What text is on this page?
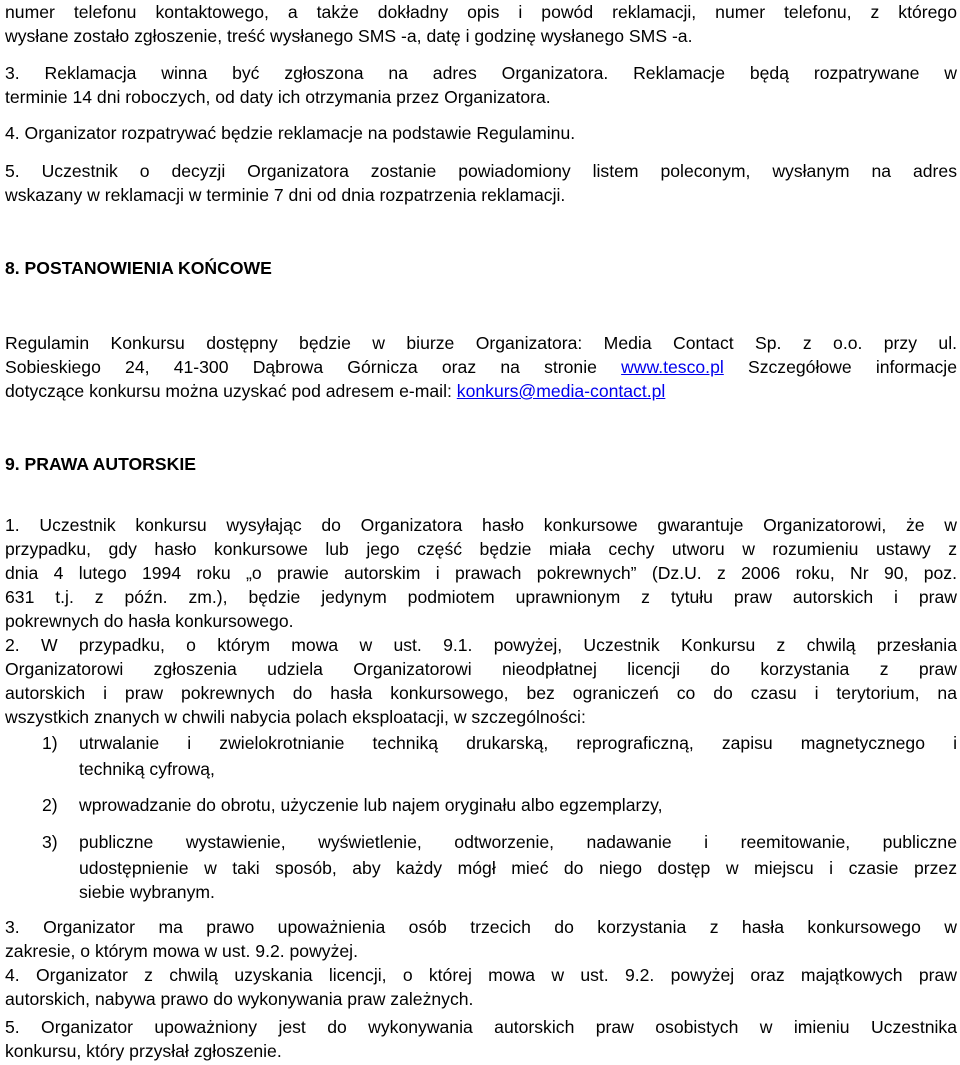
numer telefonu kontaktowego, a także dokładny opis i powód reklamacji, numer telefonu, z którego
wysłane zostało zgłoszenie, treść wysłanego SMS -a, datę i godzinę wysłanego SMS -a.
3. Reklamacja winna być zgłoszona na adres Organizatora. Reklamacje będą rozpatrywane w
terminie 14 dni roboczych, od daty ich otrzymania przez Organizatora.
4. Organizator rozpatrywać będzie reklamacje na podstawie Regulaminu.
5. Uczestnik o decyzji Organizatora zostanie powiadomiony listem poleconym, wysłanym na adres
wskazany w reklamacji w terminie 7 dni od dnia rozpatrzenia reklamacji.
8. POSTANOWIENIA KOŃCOWE
Regulamin Konkursu dostępny będzie w biurze Organizatora: Media Contact Sp. z o.o. przy ul.
Sobieskiego 24, 41-300 Dąbrowa Górnicza oraz na stronie www.tesco.pl Szczegółowe informacje
dotyczące konkursu można uzyskać pod adresem e-mail: konkurs@media-contact.pl
9. PRAWA AUTORSKIE
1. Uczestnik konkursu wysyłając do Organizatora hasło konkursowe gwarantuje Organizatorowi, że w
przypadku, gdy hasło konkursowe lub jego część będzie miała cechy utworu w rozumieniu ustawy z
dnia 4 lutego 1994 roku „o prawie autorskim i prawach pokrewnych” (Dz.U. z 2006 roku, Nr 90, poz.
631 t.j. z późn. zm.), będzie jedynym podmiotem uprawnionym z tytułu praw autorskich i praw
pokrewnych do hasła konkursowego.
2. W przypadku, o którym mowa w ust. 9.1. powyżej, Uczestnik Konkursu z chwilą przesłania
Organizatorowi zgłoszenia udziela Organizatorowi nieodpłatnej licencji do korzystania z praw
autorskich i praw pokrewnych do hasła konkursowego, bez ograniczeń co do czasu i terytorium, na
wszystkich znanych w chwili nabycia polach eksploatacji, w szczególności:
1)	utrwalanie i zwielokrotnianie techniką drukarską, reprograficzną, zapisu magnetycznego i
techniką cyfrową,
2)	wprowadzanie do obrotu, użyczenie lub najem oryginału albo egzemplarzy,
3)	publiczne wystawienie, wyświetlenie, odtworzenie, nadawanie i reemitowanie, publiczne
udostępnienie w taki sposób, aby każdy mógł mieć do niego dostęp w miejscu i czasie przez
siebie wybranym.
3. Organizator ma prawo upoważnienia osób trzecich do korzystania z hasła konkursowego w
zakresie, o którym mowa w ust. 9.2. powyżej.
4. Organizator z chwilą uzyskania licencji, o której mowa w ust. 9.2. powyżej oraz majątkowych praw
autorskich, nabywa prawo do wykonywania praw zależnych.
5. Organizator upoważniony jest do wykonywania autorskich praw osobistych w imieniu Uczestnika
konkursu, który przysłał zgłoszenie.
